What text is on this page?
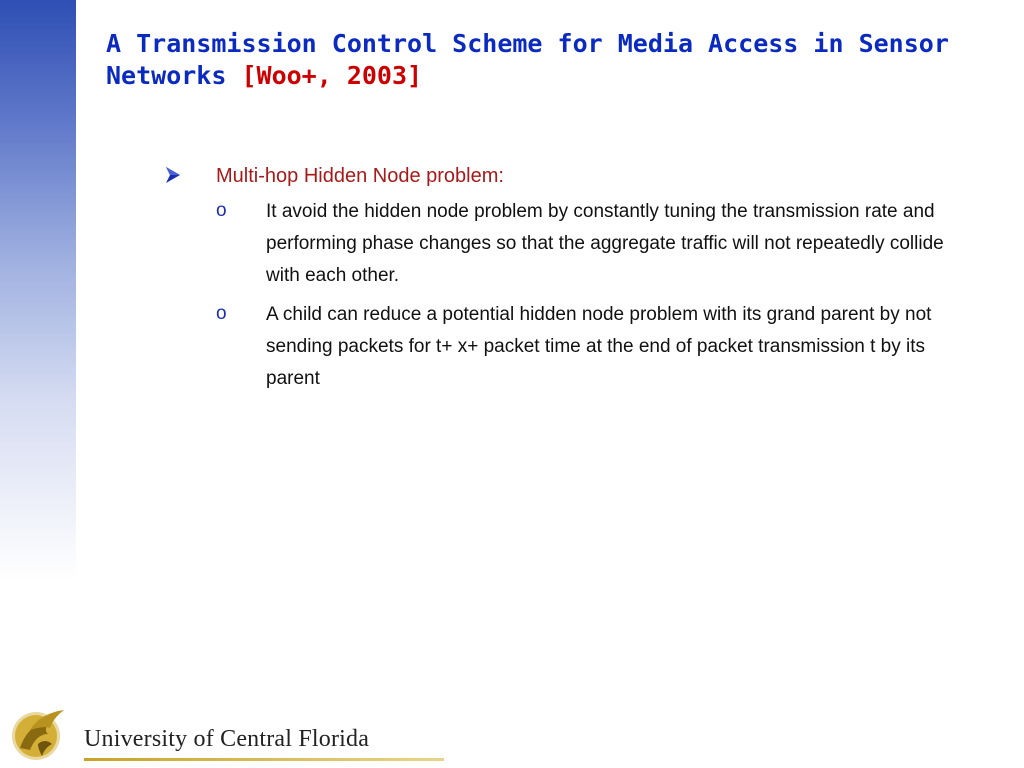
A Transmission Control Scheme for Media Access in Sensor Networks [Woo+, 2003]
Multi-hop Hidden Node problem:
o It avoid the hidden node problem by constantly tuning the transmission rate and performing phase changes so that the aggregate traffic will not repeatedly collide with each other.
o A child can reduce a potential hidden node problem with its grand parent by not sending packets for t+ x+ packet time at the end of packet transmission t by its parent
University of Central Florida
